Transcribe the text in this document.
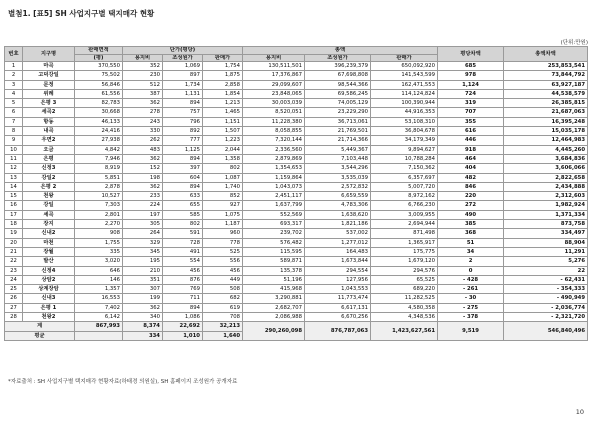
별첨1. [표5] SH 사업지구별 택지매각 현황
(단위:만원)
번호	지구명	판매면적	단가(평당)			총액			평당차액	총액차액
		(평)	용지비	조성원가	판매가	용지비	조성원가	판매가		
1	마곡	370,550	352	1,069	1,754	130,511,501	396,239,379	650,092,920	685	253,853,541
2	고덕강일	75,502	230	897	1,875	17,376,867	67,698,808	141,543,599	978	73,844,792
3	문정	56,846	512	1,734	2,858	29,099,607	98,544,366	162,471,553	1,124	63,927,187
4	위례	61,556	387	1,131	1,854	23,848,065	69,586,245	114,124,824	724	44,538,579
5	은평 3	82,783	362	894	1,213	30,003,039	74,005,129	100,390,944	319	26,385,815
6	세곡2	30,668	278	757	1,465	8,520,051	23,229,290	44,916,353	707	21,687,063
7	항동	46,133	243	796	1,151	11,228,380	36,713,061	53,108,310	355	16,395,248
8	내곡	24,416	330	892	1,507	8,058,855	21,769,501	36,804,678	616	15,035,178
9	우면2	27,938	262	777	1,223	7,320,144	21,714,366	34,179,349	446	12,464,983
10	오금	4,842	483	1,125	2,044	2,336,560	5,449,367	9,894,627	918	4,445,260
11	은평	7,946	362	894	1,358	2,879,869	7,103,448	10,788,284	464	3,684,836
12	신정3	8,919	152	397	802	1,354,653	3,544,296	7,150,362	404	3,606,066
13	강일2	5,851	198	604	1,087	1,159,864	3,535,039	6,357,697	482	2,822,658
14	은평 2	2,878	362	894	1,740	1,043,073	2,572,832	5,007,720	846	2,434,888
15	천왕	10,527	233	633	852	2,451,117	6,659,559	8,972,162	220	2,312,603
16	강일	7,303	224	655	927	1,637,799	4,783,306	6,766,230	272	1,982,924
17	세곡	2,801	197	585	1,075	552,569	1,638,620	3,009,955	490	1,371,334
18	장지	2,270	305	802	1,187	693,317	1,821,186	2,694,944	385	873,758
19	신내2	908	264	591	960	239,702	537,002	871,498	368	334,497
20	마천	1,755	329	728	778	576,482	1,277,012	1,365,917	51	88,904
21	장월	335	345	491	525	115,595	164,483	175,775	34	11,291
22	발산	3,020	195	554	556	589,871	1,673,844	1,679,120	2	5,276
23	신정4	646	210	456	456	135,378	294,554	294,576	0	22
24	상암2	146	351	876	449	51,196	127,956	65,525	- 428	- 62,431
25	상계장암	1,357	307	769	508	415,968	1,043,553	689,220	- 261	- 354,333
26	신내3	16,553	199	711	682	3,290,881	11,773,474	11,282,525	- 30	- 490,949
27	은평 1	7,402	362	894	619	2,682,707	6,617,131	4,580,358	- 275	- 2,036,774
28	천왕2	6,142	340	1,086	708	2,086,988	6,670,256	4,348,536	- 378	- 2,321,720
계		867,993	8,374	22,692	32,213	290,260,098	876,787,063	1,423,627,561	9,519	546,840,496
평균			334	1,010	1,640					
*자료출처 : SH 사업지구별 택지매각 현황자료(하태경 의원실), SH 홈페이지 조성원가 공개자료
10
